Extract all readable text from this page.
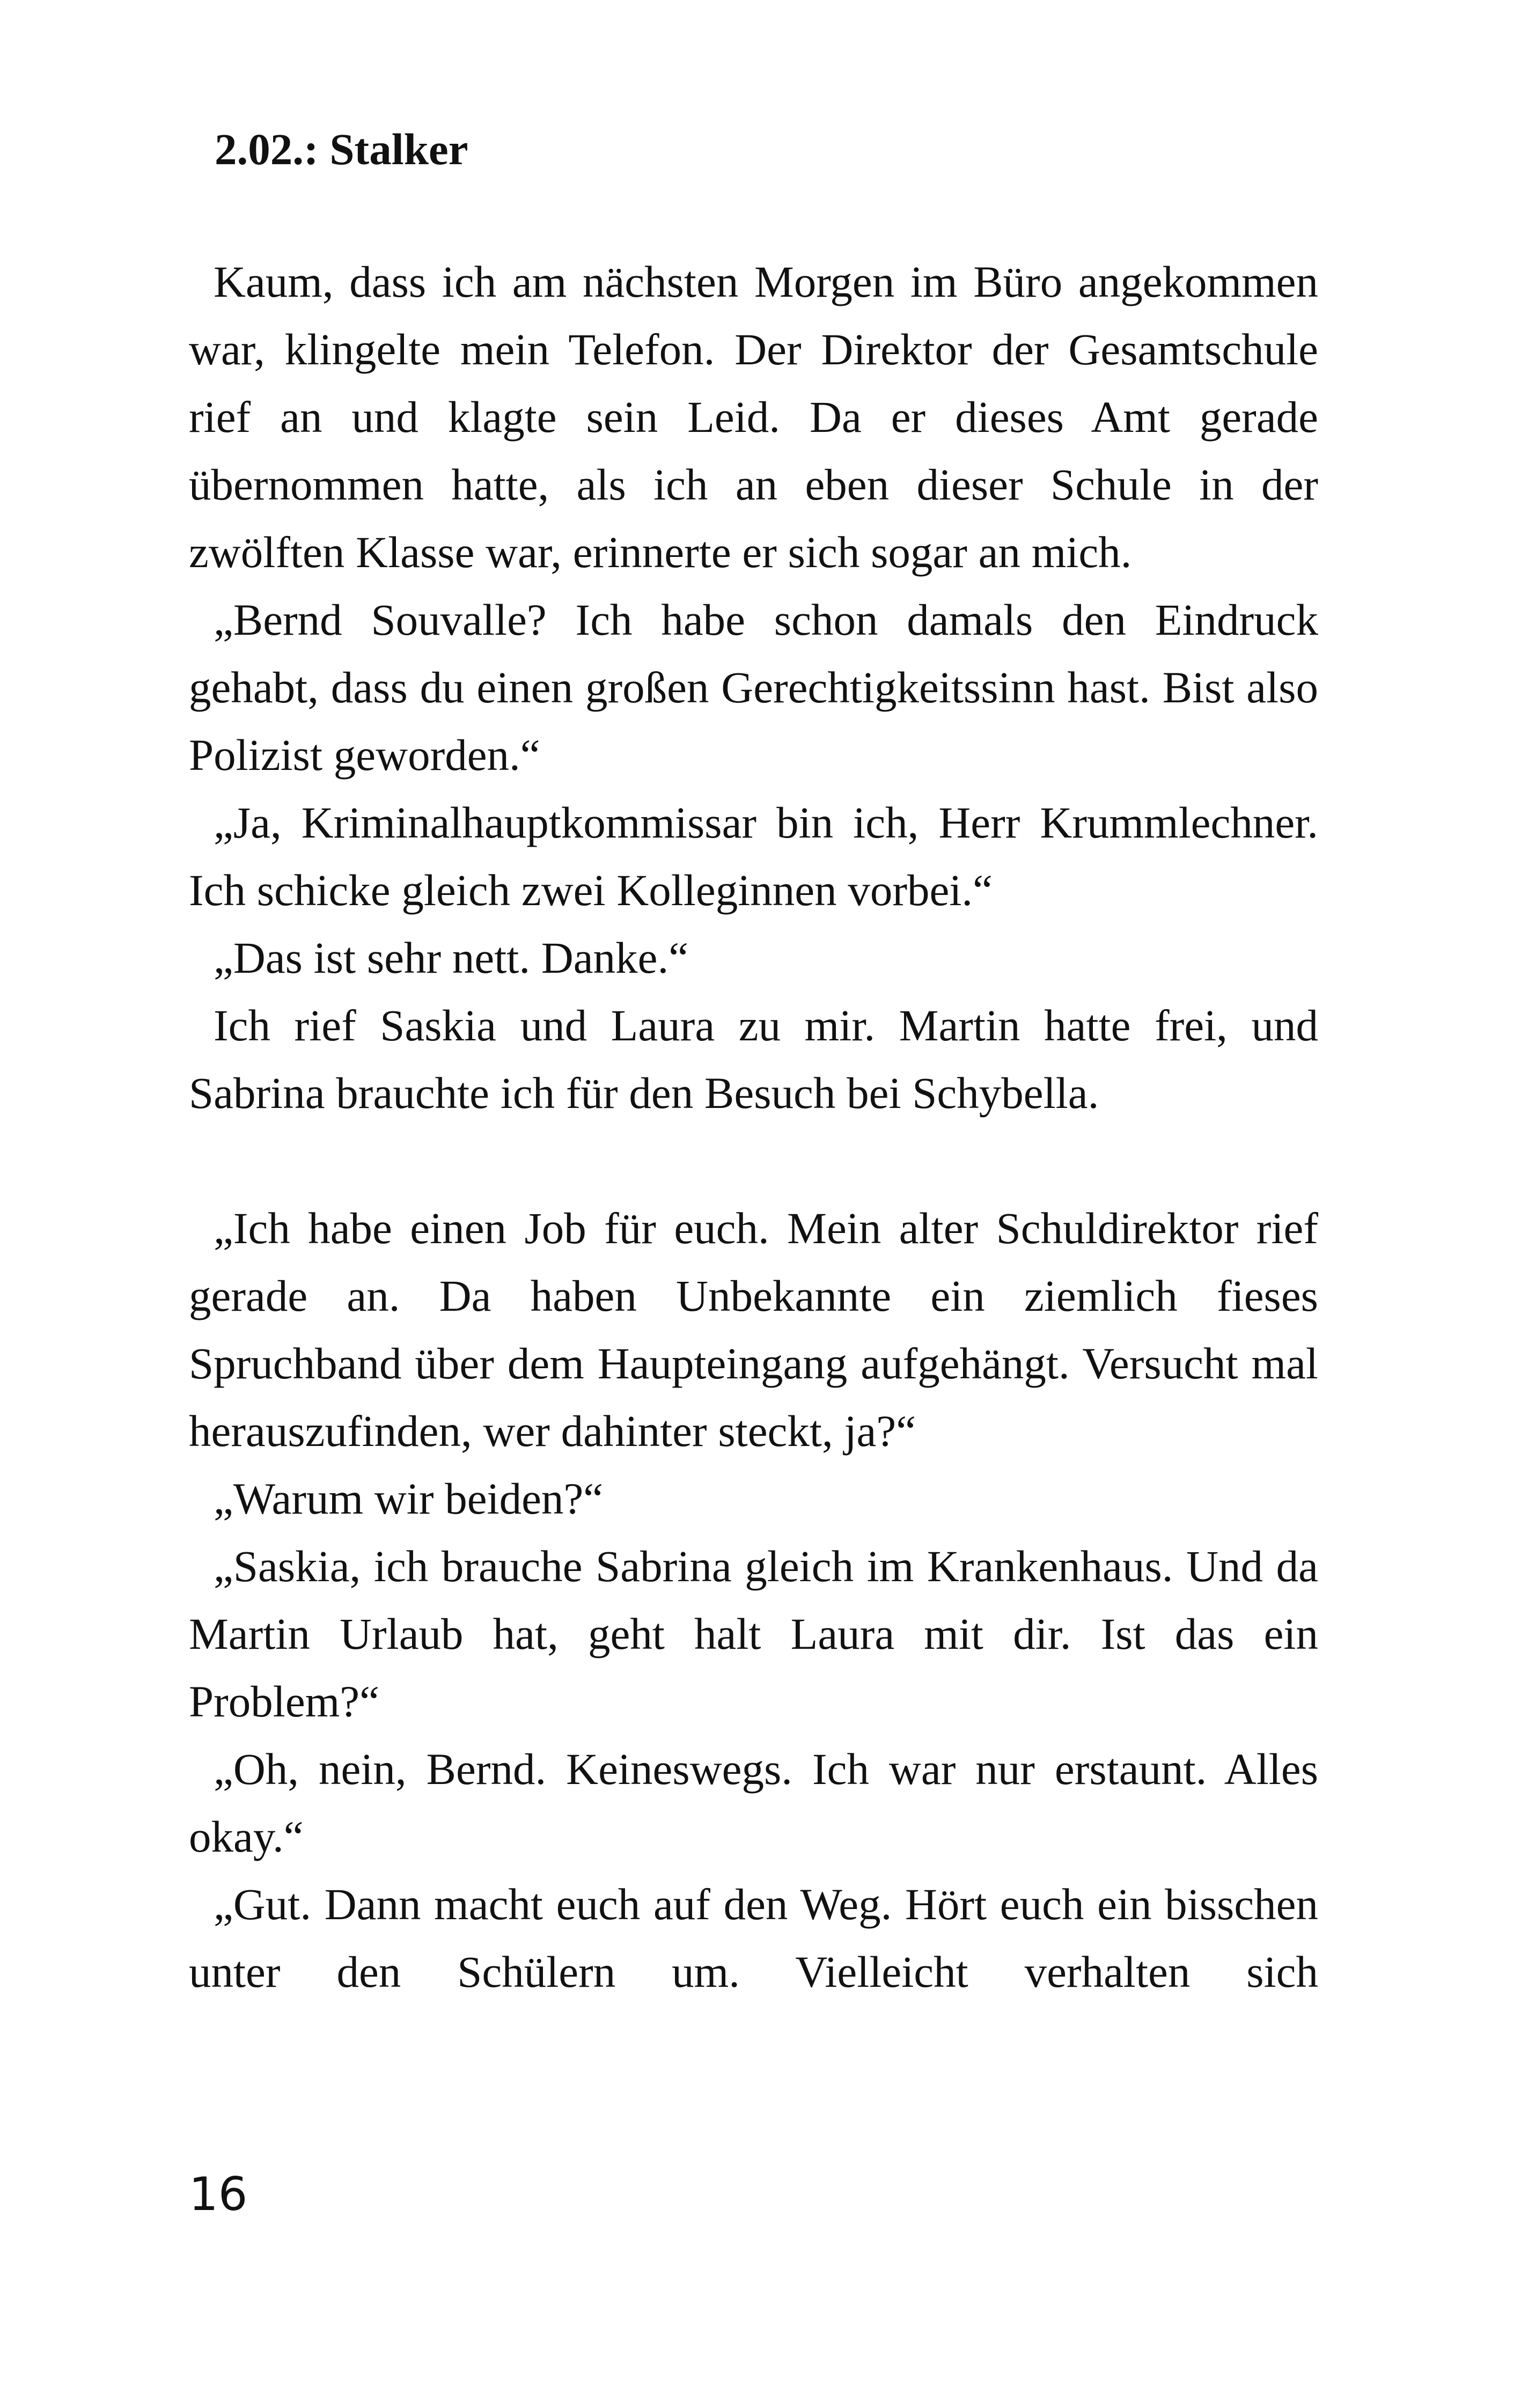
2.02.: Stalker

Kaum, dass ich am nächsten Morgen im Büro angekommen war, klingelte mein Telefon. Der Direktor der Gesamtschule rief an und klagte sein Leid. Da er dieses Amt gerade übernommen hatte, als ich an eben dieser Schule in der zwölften Klasse war, erinnerte er sich sogar an mich.

„Bernd Souvalle? Ich habe schon damals den Eindruck gehabt, dass du einen großen Gerechtigkeitssinn hast. Bist also Polizist geworden.“

„Ja, Kriminalhauptkommissar bin ich, Herr Krummlechner. Ich schicke gleich zwei Kolleginnen vorbei.“

„Das ist sehr nett. Danke.“

Ich rief Saskia und Laura zu mir. Martin hatte frei, und Sabrina brauchte ich für den Besuch bei Schybella.

„Ich habe einen Job für euch. Mein alter Schuldirektor rief gerade an. Da haben Unbekannte ein ziemlich fieses Spruchband über dem Haupteingang aufgehängt. Versucht mal herauszufinden, wer dahinter steckt, ja?“

„Warum wir beiden?“

„Saskia, ich brauche Sabrina gleich im Krankenhaus. Und da Martin Urlaub hat, geht halt Laura mit dir. Ist das ein Problem?“

„Oh, nein, Bernd. Keineswegs. Ich war nur erstaunt. Alles okay.“

„Gut. Dann macht euch auf den Weg. Hört euch ein bisschen unter den Schülern um. Vielleicht verhalten sich

16
